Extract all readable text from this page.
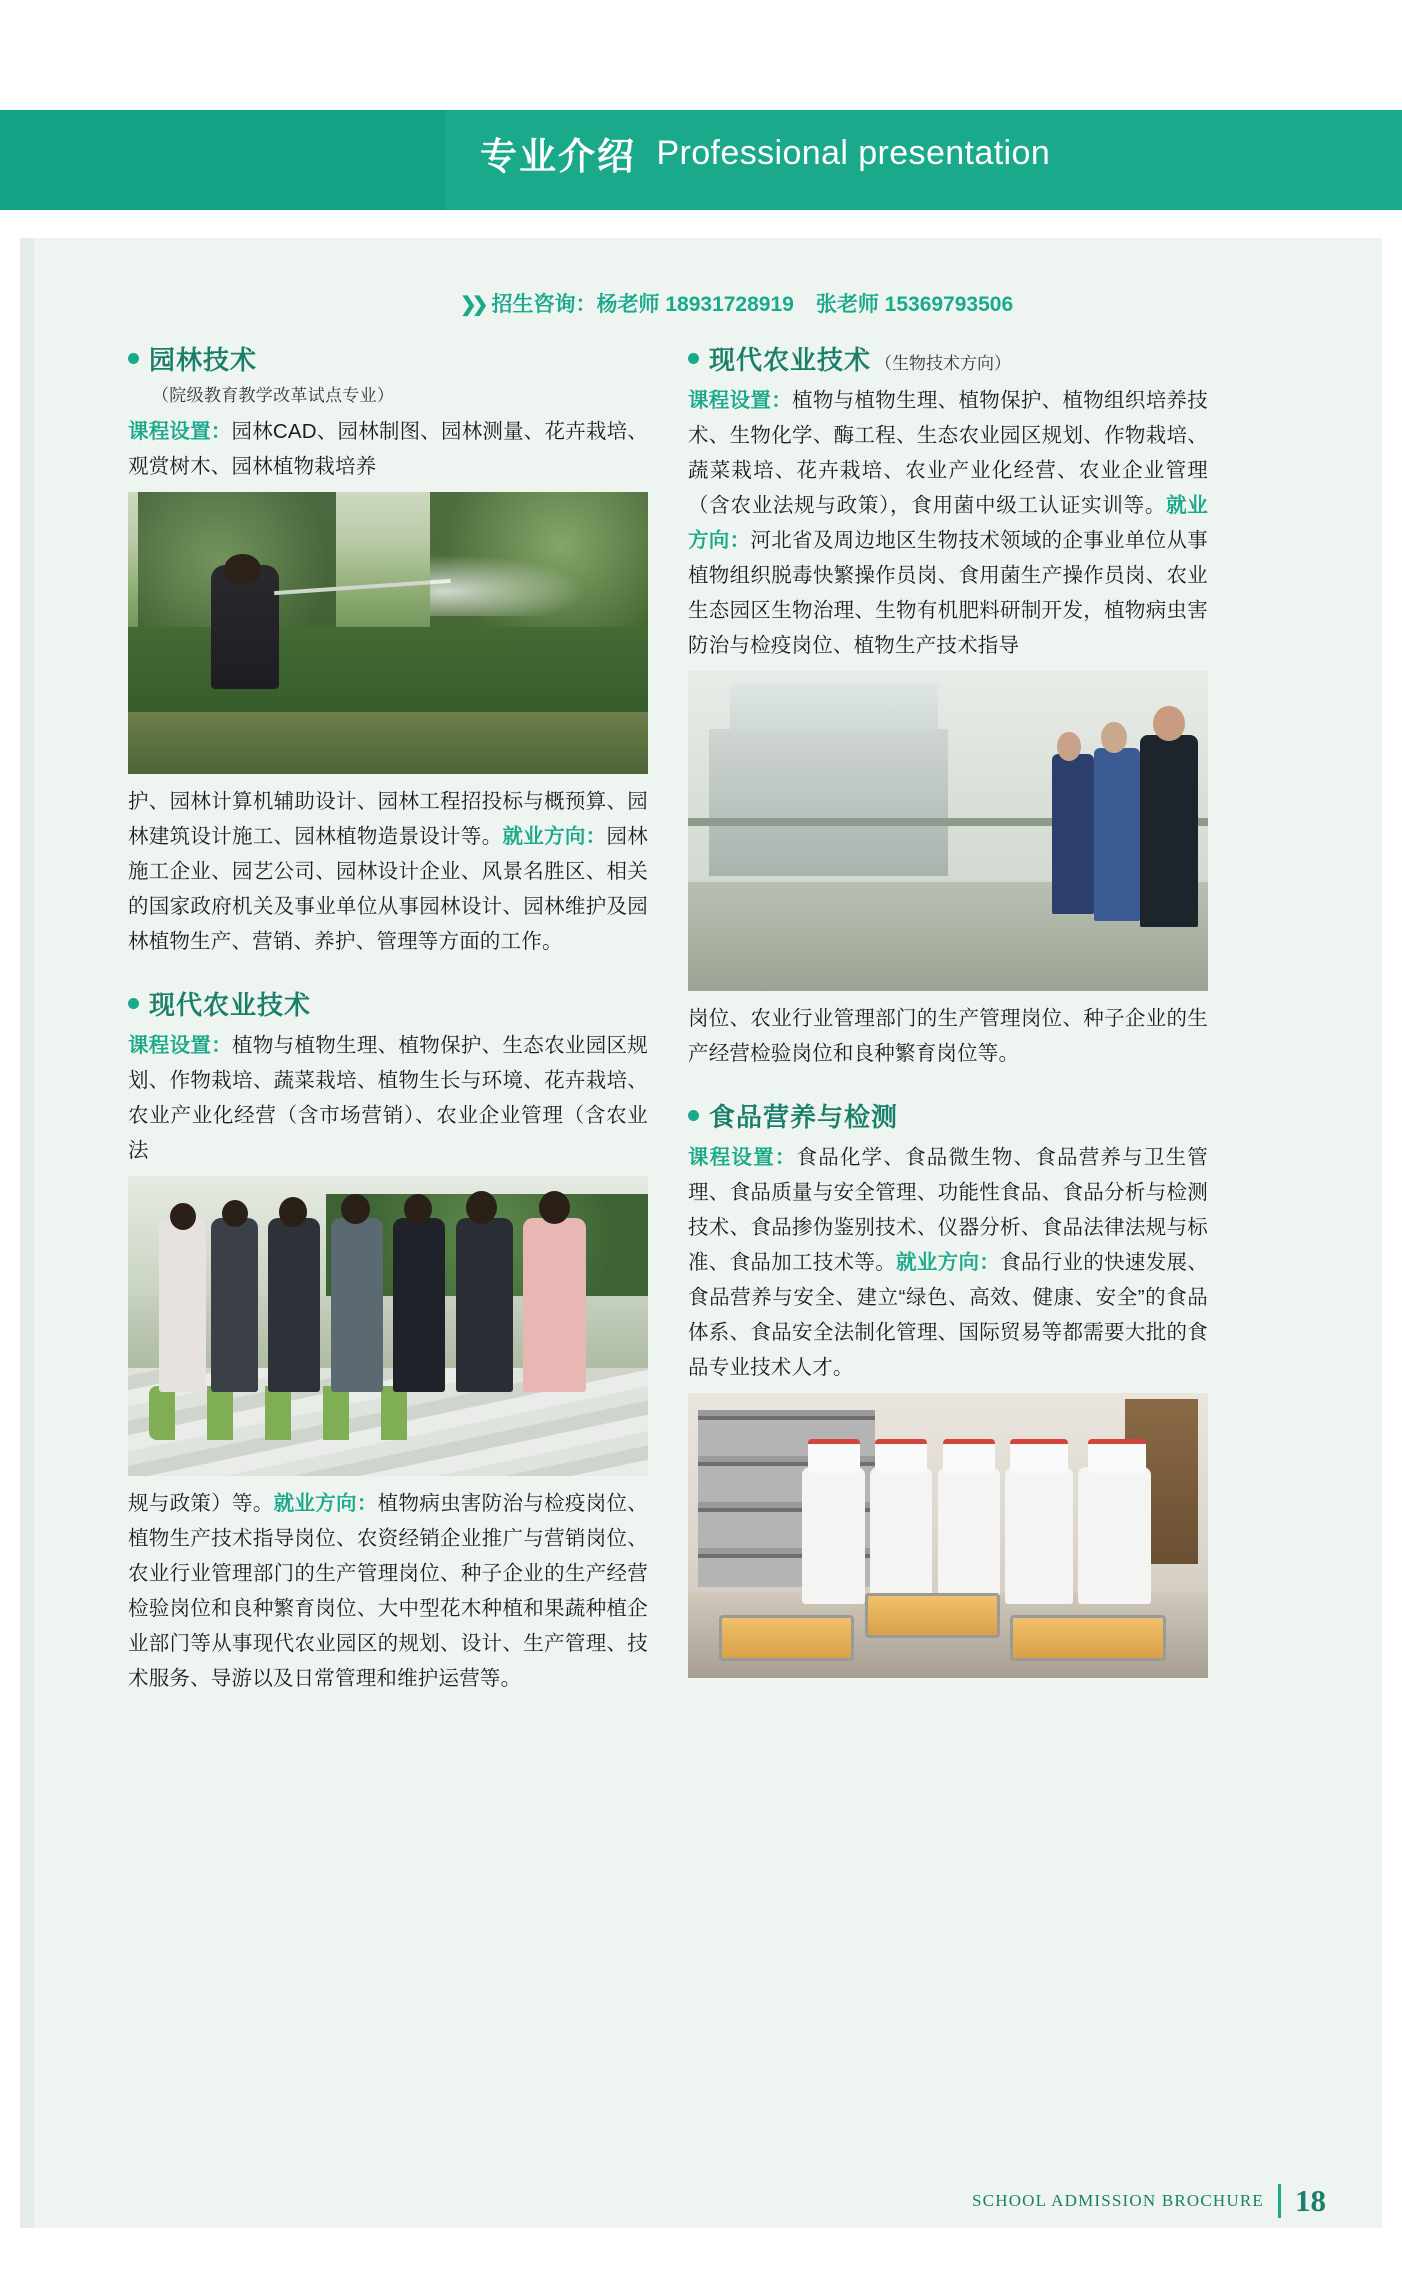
专业介绍 Professional presentation
❯❯ 招生咨询：杨老师 18931728919 张老师 15369793506
园林技术
（院级教育教学改革试点专业）

课程设置：园林CAD、园林制图、园林测量、花卉栽培、观赏树木、园林植物栽培养

护、园林计算机辅助设计、园林工程招投标与概预算、园林建筑设计施工、园林植物造景设计等。就业方向：园林施工企业、园艺公司、园林设计企业、风景名胜区、相关的国家政府机关及事业单位从事园林设计、园林维护及园林植物生产、营销、养护、管理等方面的工作。

现代农业技术

课程设置：植物与植物生理、植物保护、生态农业园区规划、作物栽培、蔬菜栽培、植物生长与环境、花卉栽培、农业产业化经营（含市场营销）、农业企业管理（含农业法

规与政策）等。就业方向：植物病虫害防治与检疫岗位、植物生产技术指导岗位、农资经销企业推广与营销岗位、农业行业管理部门的生产管理岗位、种子企业的生产经营检验岗位和良种繁育岗位、大中型花木种植和果蔬种植企业部门等从事现代农业园区的规划、设计、生产管理、技术服务、导游以及日常管理和维护运营等。

现代农业技术 （生物技术方向）

课程设置：植物与植物生理、植物保护、植物组织培养技术、生物化学、酶工程、生态农业园区规划、作物栽培、蔬菜栽培、花卉栽培、农业产业化经营、农业企业管理（含农业法规与政策），食用菌中级工认证实训等。就业方向：河北省及周边地区生物技术领域的企事业单位从事植物组织脱毒快繁操作员岗、食用菌生产操作员岗、农业生态园区生物治理、生物有机肥料研制开发，植物病虫害防治与检疫岗位、植物生产技术指导

岗位、农业行业管理部门的生产管理岗位、种子企业的生产经营检验岗位和良种繁育岗位等。

食品营养与检测

课程设置：食品化学、食品微生物、食品营养与卫生管理、食品质量与安全管理、功能性食品、食品分析与检测技术、食品掺伪鉴别技术、仪器分析、食品法律法规与标准、食品加工技术等。就业方向：食品行业的快速发展、食品营养与安全、建立“绿色、高效、健康、安全”的食品体系、食品安全法制化管理、国际贸易等都需要大批的食品专业技术人才。

SCHOOL ADMISSION BROCHURE 18
